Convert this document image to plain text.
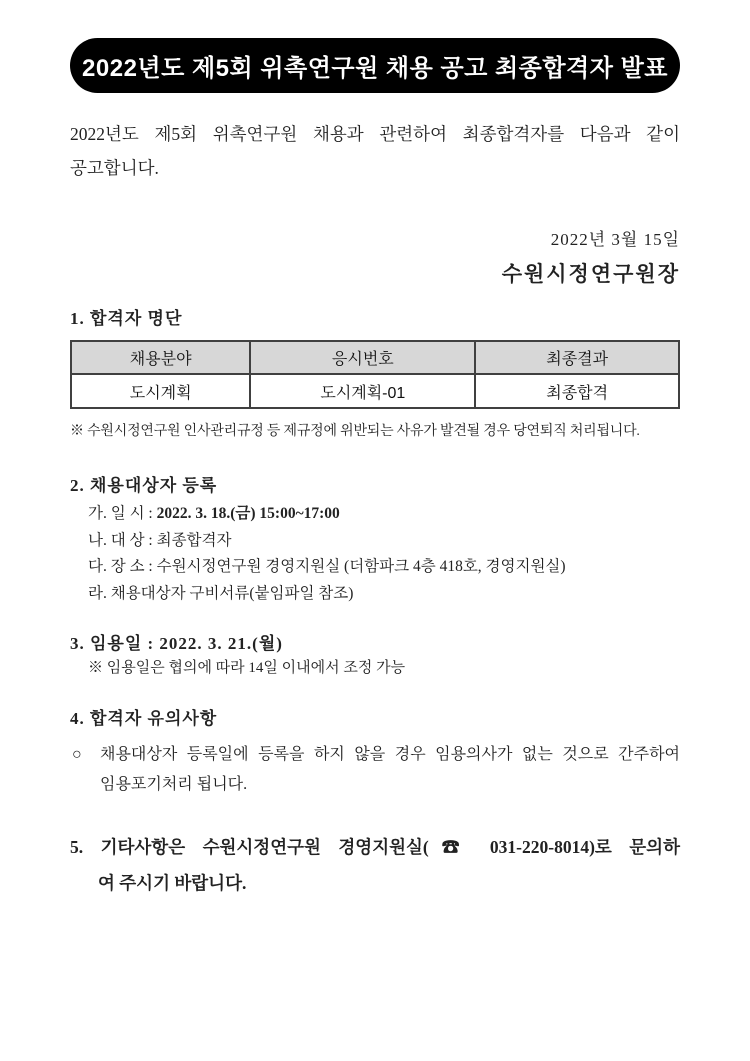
2022년도 제5회 위촉연구원 채용 공고 최종합격자 발표
2022년도 제5회 위촉연구원 채용과 관련하여 최종합격자를 다음과 같이
공고합니다.
2022년 3월 15일
수원시정연구원장
1. 합격자 명단
채용분야	응시번호	최종결과
도시계획	도시계획-01	최종합격
※ 수원시정연구원 인사관리규정 등 제규정에 위반되는 사유가 발견될 경우 당연퇴직 처리됩니다.
2. 채용대상자 등록
가. 일 시 : 2022. 3. 18.(금) 15:00~17:00
나. 대 상 : 최종합격자
다. 장 소 : 수원시정연구원 경영지원실 (더함파크 4층 418호, 경영지원실)
라. 채용대상자 구비서류(붙임파일 참조)
3. 임용일 : 2022. 3. 21.(월)
※ 임용일은 협의에 따라 14일 이내에서 조정 가능
4. 합격자 유의사항
○	채용대상자 등록일에 등록을 하지 않을 경우 임용의사가 없는 것으로 간주하여
임용포기처리 됩니다.
5. 기타사항은 수원시정연구원 경영지원실(☎ 031-220-8014)로 문의하
여 주시기 바랍니다.
